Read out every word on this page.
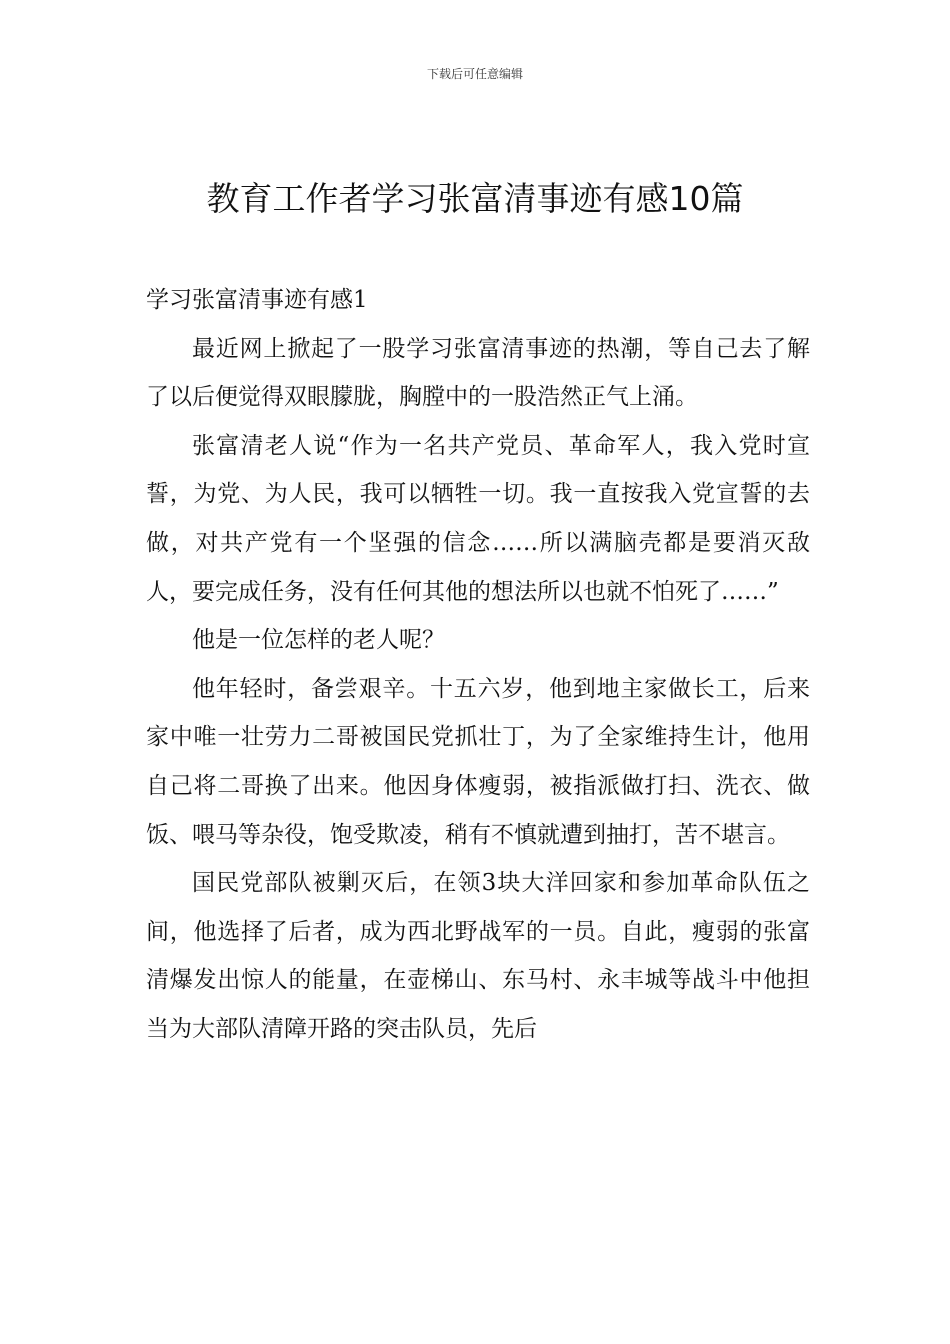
下载后可任意编辑
教育工作者学习张富清事迹有感10篇
学习张富清事迹有感1

最近网上掀起了一股学习张富清事迹的热潮，等自己去了解了以后便觉得双眼朦胧，胸膛中的一股浩然正气上涌。

张富清老人说“作为一名共产党员、革命军人，我入党时宣誓，为党、为人民，我可以牺牲一切。我一直按我入党宣誓的去做，对共产党有一个坚强的信念……所以满脑壳都是要消灭敌人，要完成任务，没有任何其他的想法所以也就不怕死了……”

他是一位怎样的老人呢？

他年轻时，备尝艰辛。十五六岁，他到地主家做长工，后来家中唯一壮劳力二哥被国民党抓壮丁，为了全家维持生计，他用自己将二哥换了出来。他因身体瘦弱，被指派做打扫、洗衣、做饭、喂马等杂役，饱受欺凌，稍有不慎就遭到抽打，苦不堪言。

国民党部队被剿灭后，在领3块大洋回家和参加革命队伍之间，他选择了后者，成为西北野战军的一员。自此，瘦弱的张富清爆发出惊人的能量，在壶梯山、东马村、永丰城等战斗中他担当为大部队清障开路的突击队员，先后
